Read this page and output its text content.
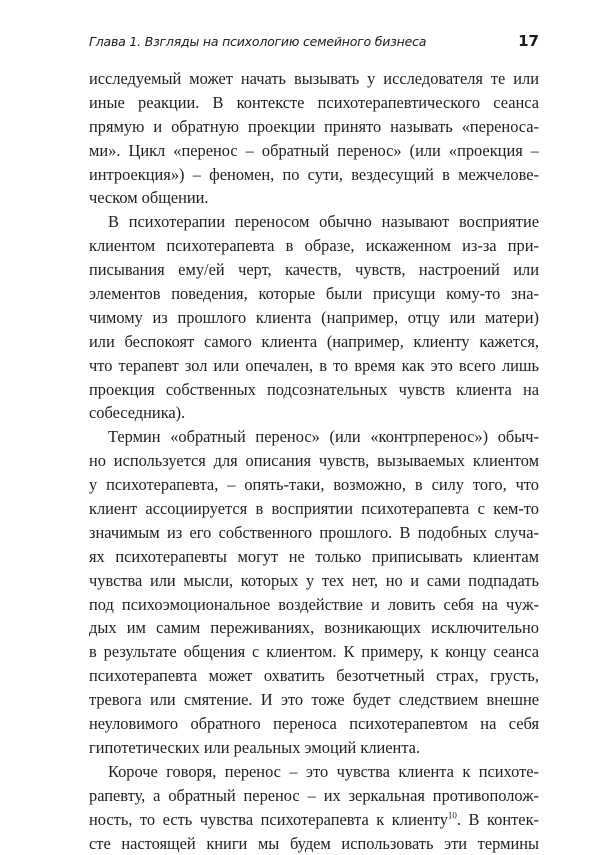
Глава 1. Взгляды на психологию семейного бизнеса	17
исследуемый может начать вызывать у исследователя те или
иные реакции. В контексте психотерапевтического сеанса
прямую и обратную проекции принято называть «переноса-
ми». Цикл «перенос – обратный перенос» (или «проекция –
интроекция») – феномен, по сути, вездесущий в межчелове-
ческом общении.
В психотерапии переносом обычно называют восприятие
клиентом психотерапевта в образе, искаженном из-за при-
писывания ему/ей черт, качеств, чувств, настроений или
элементов поведения, которые были присущи кому-то зна-
чимому из прошлого клиента (например, отцу или матери)
или беспокоят самого клиента (например, клиенту кажется,
что терапевт зол или опечален, в то время как это всего лишь
проекция собственных подсознательных чувств клиента на
собеседника).
Термин «обратный перенос» (или «контрперенос») обыч-
но используется для описания чувств, вызываемых клиентом
у психотерапевта, – опять-таки, возможно, в силу того, что
клиент ассоциируется в восприятии психотерапевта с кем-то
значимым из его собственного прошлого. В подобных случа-
ях психотерапевты могут не только приписывать клиентам
чувства или мысли, которых у тех нет, но и сами подпадать
под психоэмоциональное воздействие и ловить себя на чуж-
дых им самим переживаниях, возникающих исключительно
в результате общения с клиентом. К примеру, к концу сеанса
психотерапевта может охватить безотчетный страх, грусть,
тревога или смятение. И это тоже будет следствием внешне
неуловимого обратного переноса психотерапевтом на себя
гипотетических или реальных эмоций клиента.
Короче говоря, перенос – это чувства клиента к психоте-
рапевту, а обратный перенос – их зеркальная противополож-
ность, то есть чувства психотерапевта к клиенту$^{10}$. В контек-
сте настоящей книги мы будем использовать эти термины
